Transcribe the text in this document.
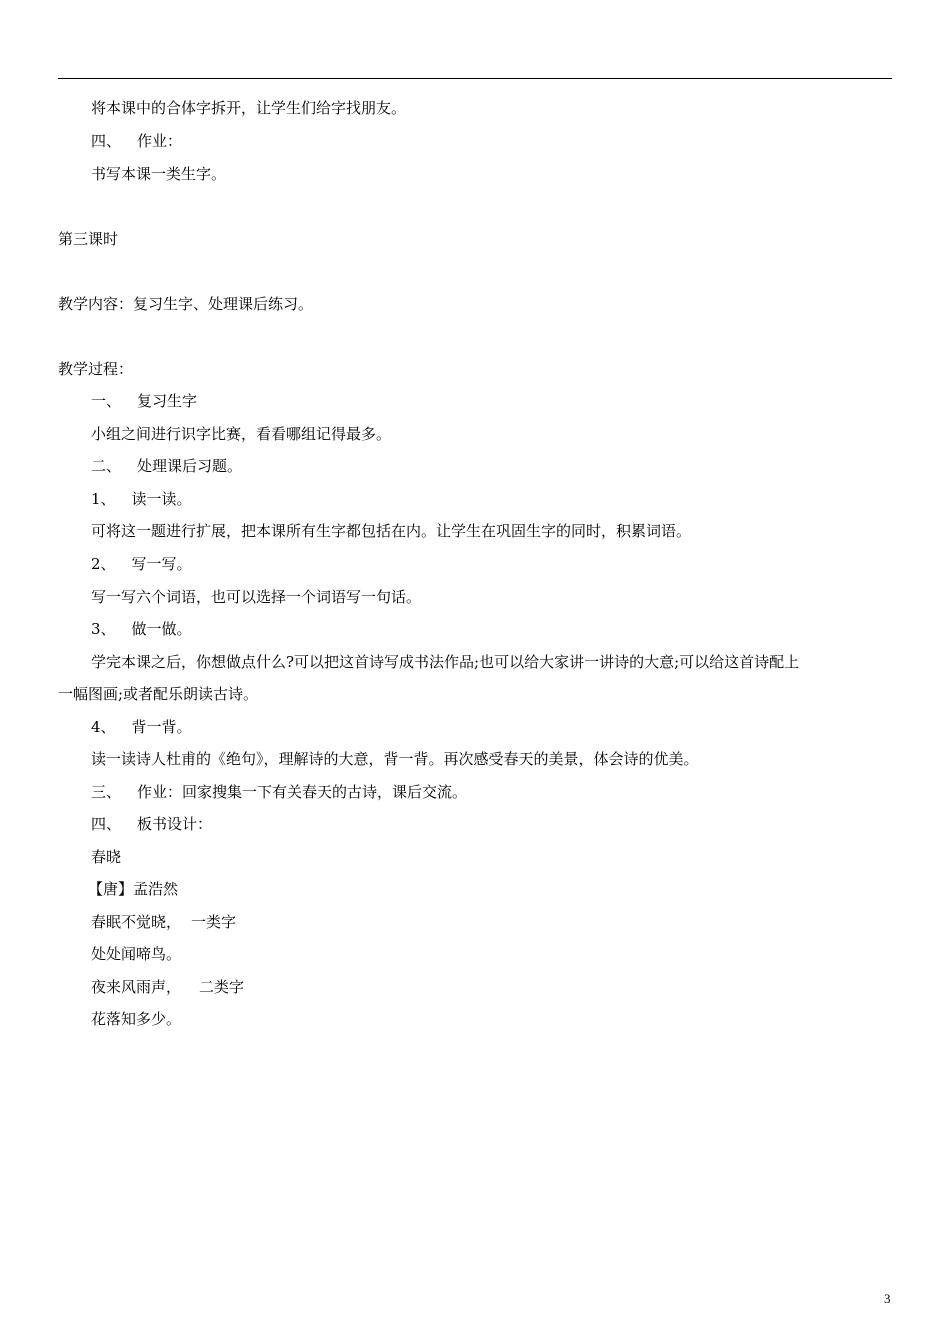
将本课中的合体字拆开，让学生们给字找朋友。
四、 作业：
书写本课一类生字。
第三课时
教学内容：复习生字、处理课后练习。
教学过程：
一、 复习生字
小组之间进行识字比赛，看看哪组记得最多。
二、 处理课后习题。
1、 读一读。
可将这一题进行扩展，把本课所有生字都包括在内。让学生在巩固生字的同时，积累词语。
2、 写一写。
写一写六个词语，也可以选择一个词语写一句话。
3、 做一做。
学完本课之后，你想做点什么?可以把这首诗写成书法作品;也可以给大家讲一讲诗的大意;可以给这首诗配上
一幅图画;或者配乐朗读古诗。
4、 背一背。
读一读诗人杜甫的《绝句》，理解诗的大意，背一背。再次感受春天的美景，体会诗的优美。
三、 作业：回家搜集一下有关春天的古诗，课后交流。
四、 板书设计：
春晓
【唐】孟浩然
春眠不觉晓， 一类字
处处闻啼鸟。
夜来风雨声， 二类字
花落知多少。
3
